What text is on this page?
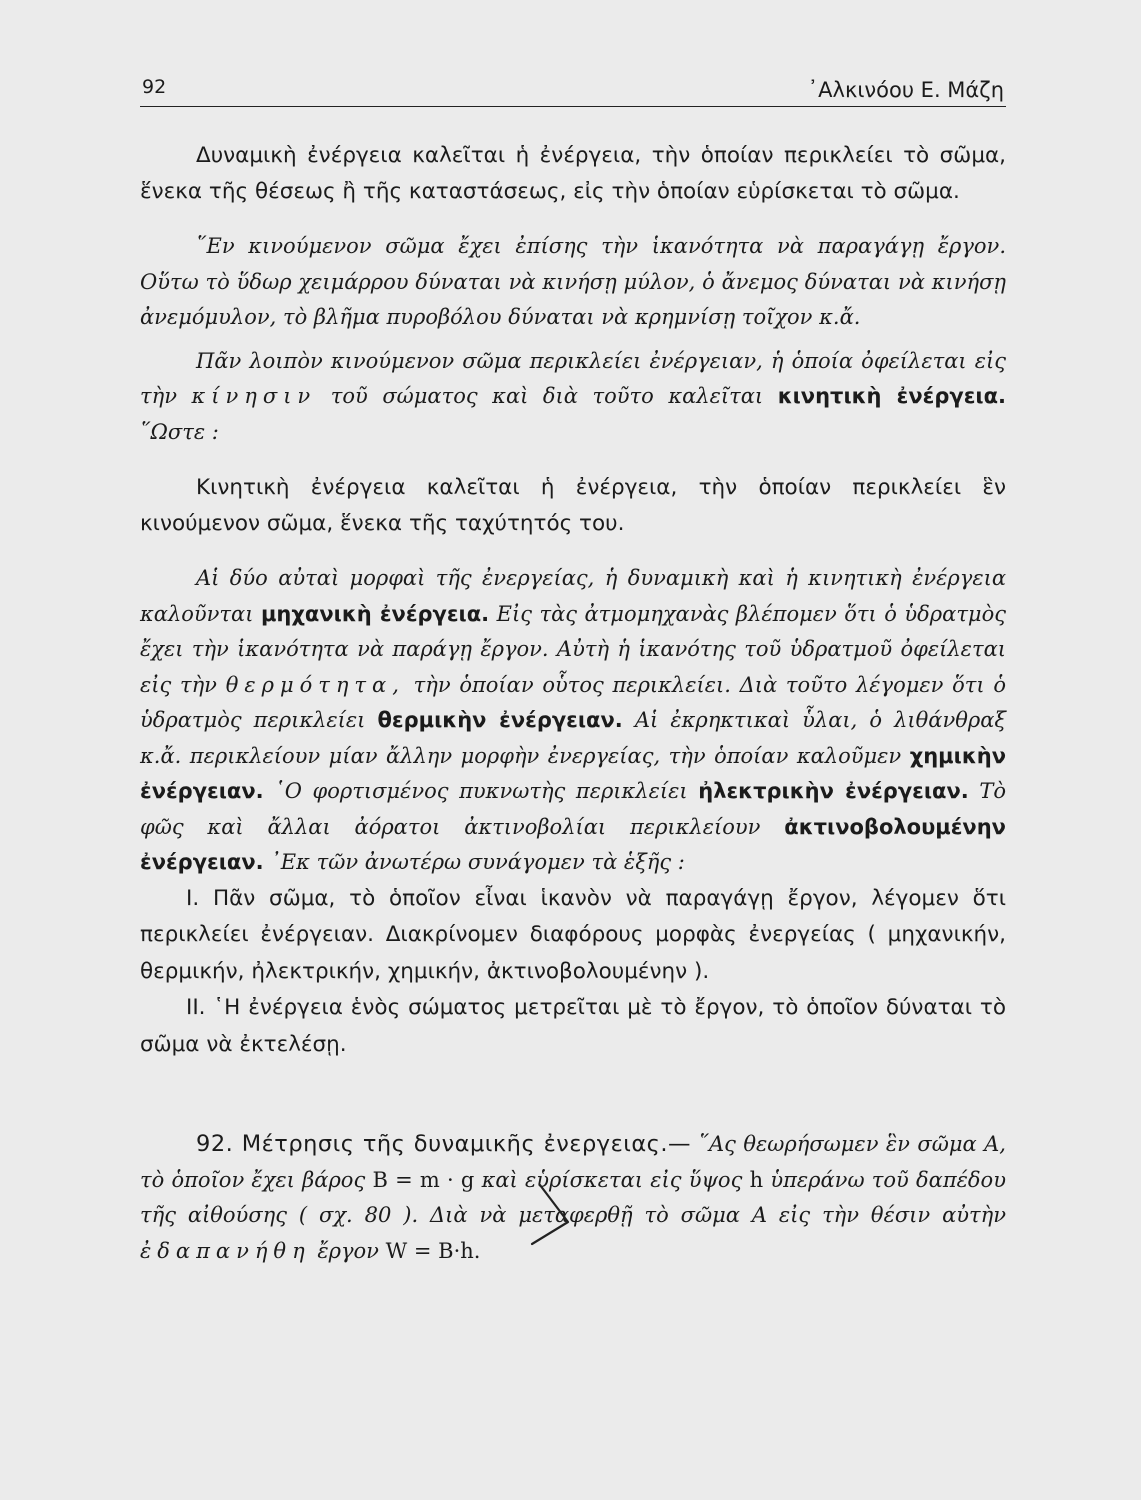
92	᾿Αλκινόου Ε. Μάζη

Δυναμικὴ ἐνέργεια καλεῖται ἡ ἐνέργεια, τὴν ὁποίαν περικλείει τὸ σῶμα, ἕνεκα τῆς θέσεως ἢ τῆς καταστάσεως, εἰς τὴν ὁποίαν εὑρίσκεται τὸ σῶμα.

῞Εν κινούμενον σῶμα ἔχει ἐπίσης τὴν ἱκανότητα νὰ παραγάγῃ ἔργον. Οὕτω τὸ ὕδωρ χειμάρρου δύναται νὰ κινήσῃ μύλον, ὁ ἄνεμος δύναται νὰ κινήσῃ ἀνεμόμυλον, τὸ βλῆμα πυροβόλου δύναται νὰ κρημνίσῃ τοῖχον κ.ἄ.

Πᾶν λοιπὸν κινούμενον σῶμα περικλείει ἐνέργειαν, ἡ ὁποία ὀφείλεται εἰς τὴν κίνησιν τοῦ σώματος καὶ διὰ τοῦτο καλεῖται κινητικὴ ἐνέργεια. ῞Ωστε :

Κινητικὴ ἐνέργεια καλεῖται ἡ ἐνέργεια, τὴν ὁποίαν περικλείει ἓν κινούμενον σῶμα, ἕνεκα τῆς ταχύτητός του.

Αἱ δύο αὐταὶ μορφαὶ τῆς ἐνεργείας, ἡ δυναμικὴ καὶ ἡ κινητικὴ ἐνέργεια καλοῦνται μηχανικὴ ἐνέργεια. Εἰς τὰς ἀτμομηχανὰς βλέπομεν ὅτι ὁ ὑδρατμὸς ἔχει τὴν ἱκανότητα νὰ παράγῃ ἔργον. Αὐτὴ ἡ ἱκανότης τοῦ ὑδρατμοῦ ὀφείλεται εἰς τὴν θερμότητα, τὴν ὁποίαν οὗτος περικλείει. Διὰ τοῦτο λέγομεν ὅτι ὁ ὑδρατμὸς περικλείει θερμικὴν ἐνέργειαν. Αἱ ἐκρηκτικαὶ ὗλαι, ὁ λιθάνθραξ κ.ἄ. περικλείουν μίαν ἄλλην μορφὴν ἐνεργείας, τὴν ὁποίαν καλοῦμεν χημικὴν ἐνέργειαν. ῾Ο φορτισμένος πυκνωτὴς περικλείει ἠλεκτρικὴν ἐνέργειαν. Τὸ φῶς καὶ ἄλλαι ἀόρατοι ἀκτινοβολίαι περικλείουν ἀκτινοβολουμένην ἐνέργειαν. ᾿Εκ τῶν ἀνωτέρω συνάγομεν τὰ ἑξῆς :

Ι. Πᾶν σῶμα, τὸ ὁποῖον εἶναι ἱκανὸν νὰ παραγάγῃ ἔργον, λέγομεν ὅτι περικλείει ἐνέργειαν. Διακρίνομεν διαφόρους μορφὰς ἐνεργείας ( μηχανικήν, θερμικήν, ἠλεκτρικήν, χημικήν, ἀκτινοβολουμένην ).

ΙΙ. ῾Η ἐνέργεια ἑνὸς σώματος μετρεῖται μὲ τὸ ἔργον, τὸ ὁποῖον δύναται τὸ σῶμα νὰ ἐκτελέσῃ.

92. Μέτρησις τῆς δυναμικῆς ἐνεργειας.— ῞Ας θεωρήσωμεν ἓν σῶμα Α, τὸ ὁποῖον ἔχει βάρος Β = m · g καὶ εὑρίσκεται εἰς ὕψος h ὑπεράνω τοῦ δαπέδου τῆς αἰθούσης ( σχ. 80 ). Διὰ νὰ μεταφερθῇ τὸ σῶμα Α εἰς τὴν θέσιν αὐτὴν ἐδαπανήθη ἔργον W = B·h.
